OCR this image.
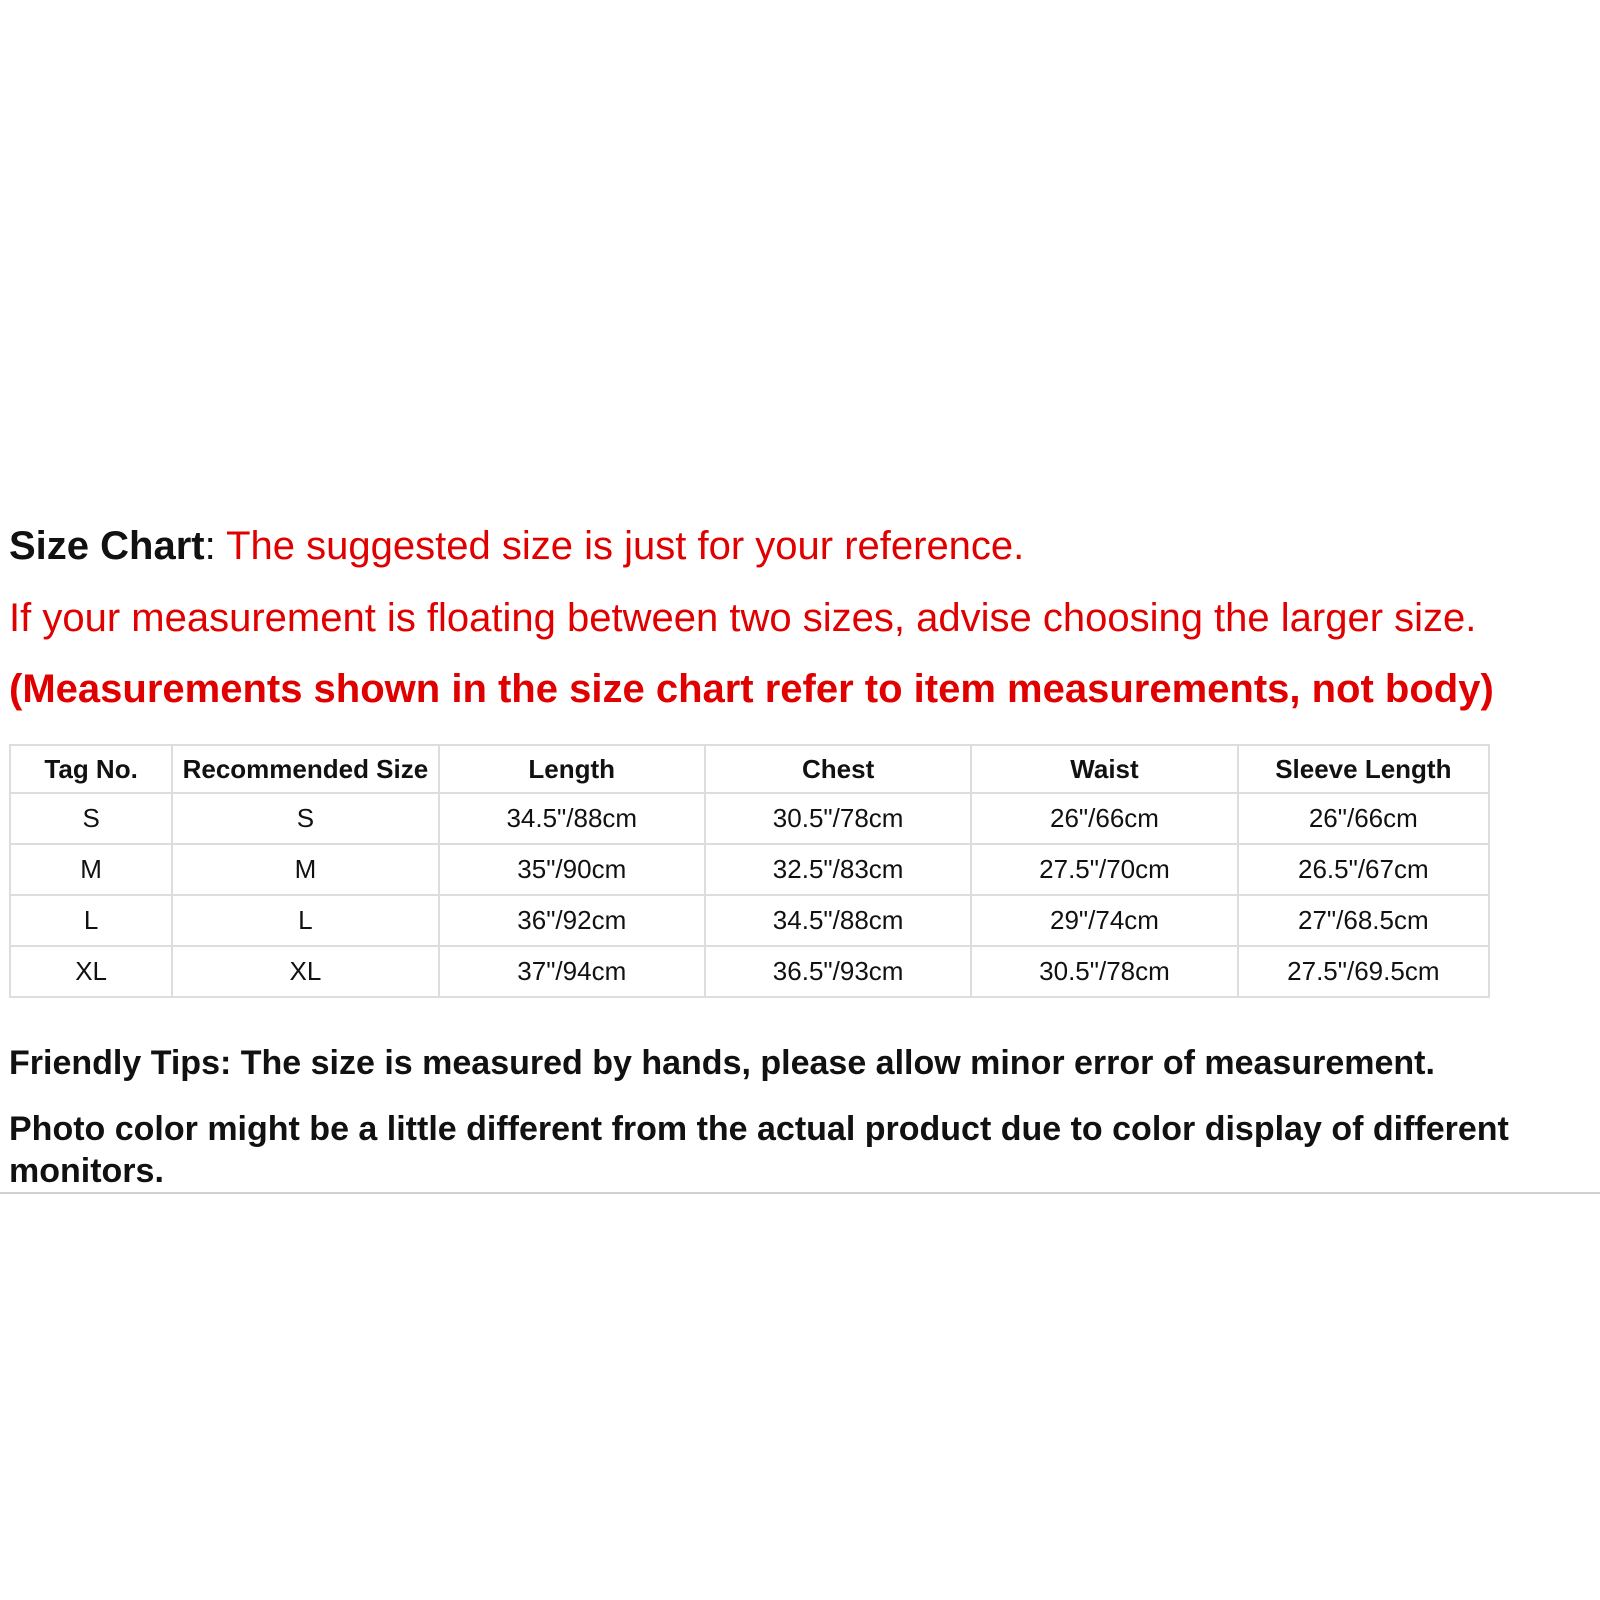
Size Chart: The suggested size is just for your reference.

If your measurement is floating between two sizes, advise choosing the larger size.
(Measurements shown in the size chart refer to item measurements, not body)
Tag No.	Recommended Size	Length	Chest	Waist	Sleeve Length
S	S	34.5"/88cm	30.5"/78cm	26"/66cm	26"/66cm
M	M	35"/90cm	32.5"/83cm	27.5"/70cm	26.5"/67cm
L	L	36"/92cm	34.5"/88cm	29"/74cm	27"/68.5cm
XL	XL	37"/94cm	36.5"/93cm	30.5"/78cm	27.5"/69.5cm

Friendly Tips: The size is measured by hands, please allow minor error of measurement.

Photo color might be a little different from the actual product due to color display of different monitors.
